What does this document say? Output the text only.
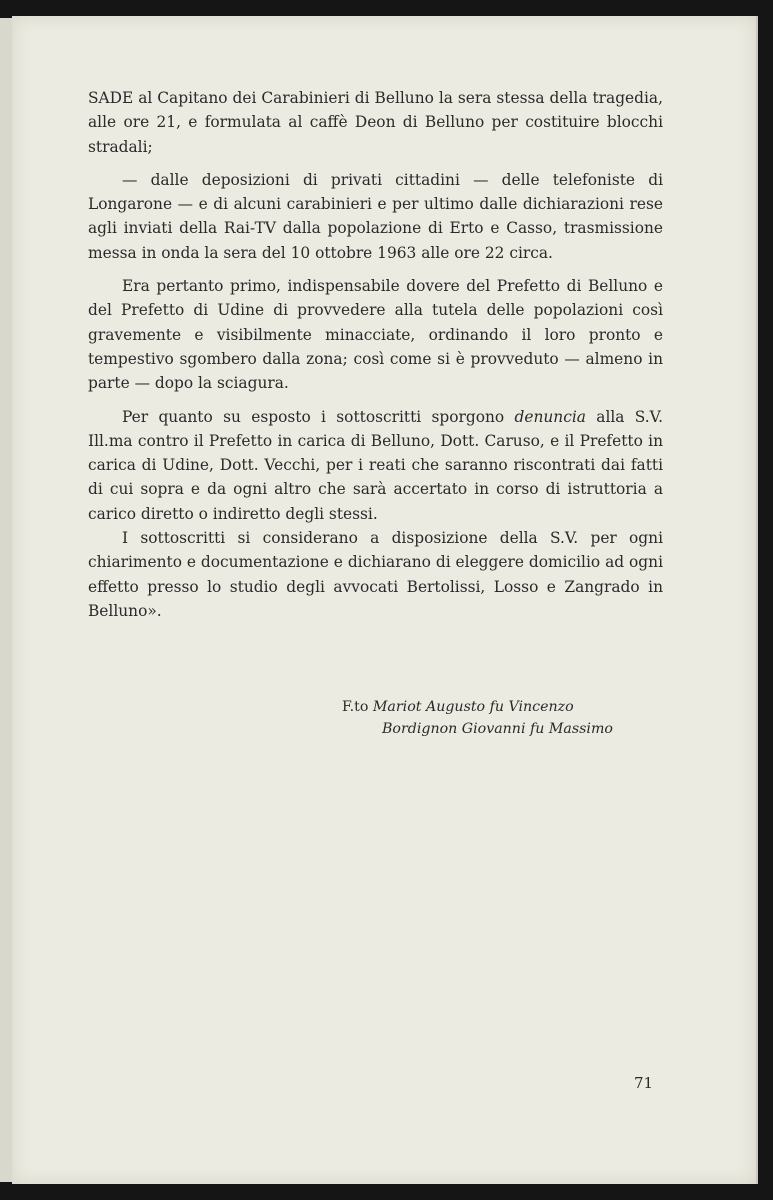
SADE al Capitano dei Carabinieri di Belluno la sera stessa della tragedia, alle ore 21, e formulata al caffè Deon di Belluno per costituire blocchi stradali;

— dalle deposizioni di privati cittadini — delle telefoniste di Longarone — e di alcuni carabinieri e per ultimo dalle dichiarazioni rese agli inviati della Rai-TV dalla popolazione di Erto e Casso, trasmissione messa in onda la sera del 10 ottobre 1963 alle ore 22 circa.

Era pertanto primo, indispensabile dovere del Prefetto di Belluno e del Prefetto di Udine di provvedere alla tutela delle popolazioni così gravemente e visibilmente minacciate, ordinando il loro pronto e tempestivo sgombero dalla zona; così come si è provveduto — almeno in parte — dopo la sciagura.

Per quanto su esposto i sottoscritti sporgono denuncia alla S.V. Ill.ma contro il Prefetto in carica di Belluno, Dott. Caruso, e il Prefetto in carica di Udine, Dott. Vecchi, per i reati che saranno riscontrati dai fatti di cui sopra e da ogni altro che sarà accertato in corso di istruttoria a carico diretto o indiretto degli stessi.

I sottoscritti si considerano a disposizione della S.V. per ogni chiarimento e documentazione e dichiarano di eleggere domicilio ad ogni effetto presso lo studio degli avvocati Bertolissi, Losso e Zangrado in Belluno».

F.to Mariot Augusto fu Vincenzo
Bordignon Giovanni fu Massimo
71
